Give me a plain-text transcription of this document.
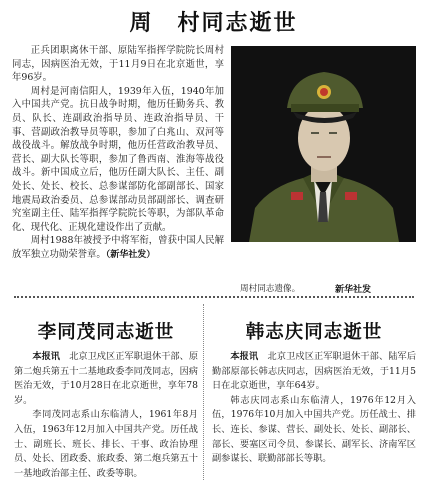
周　村同志逝世

正兵团职离休干部、原陆军指挥学院院长周村同志，因病医治无效，于11月9日在北京逝世，享年96岁。

周村是河南信阳人，1939年入伍，1940年加入中国共产党。抗日战争时期，他历任勤务兵、教员、队长、连副政治指导员、连政治指导员、干事、营副政治教导员等职，参加了白兆山、双河等战役战斗。解放战争时期，他历任营政治教导员、营长、副大队长等职，参加了鲁西南、淮海等战役战斗。新中国成立后，他历任副大队长、主任、副处长、处长、校长、总参谋部防化部副部长、国家地震局政治委员、总参谋部动员部副部长、调查研究室副主任、陆军指挥学院院长等职，为部队革命化、现代化、正规化建设作出了贡献。

周村1988年被授予中将军衔，曾获中国人民解放军独立功勋荣誉章。（新华社发）

周村同志遗像。	新华社发
李同茂同志逝世

本报讯　 北京卫戍区正军职退休干部、原第二炮兵第五十二基地政委李同茂同志，因病医治无效，于10月28日在北京逝世，享年78岁。

李同茂同志系山东临清人，1961年8月入伍，1963年12月加入中国共产党。历任战士、副班长、班长、排长、干事、政治协理员、处长、团政委、旅政委、第二炮兵第五十一基地政治部主任、政委等职。

韩志庆同志逝世

本报讯　 北京卫戍区正军职退休干部、陆军后勤部原部长韩志庆同志，因病医治无效，于11月5日在北京逝世，享年64岁。

韩志庆同志系山东临清人，1976年12月入伍，1976年10月加入中国共产党。历任战士、排长、连长、参谋、营长、副处长、处长、副部长、部长、要塞区司令员、参谋长、副军长、济南军区副参谋长、联勤部部长等职。
